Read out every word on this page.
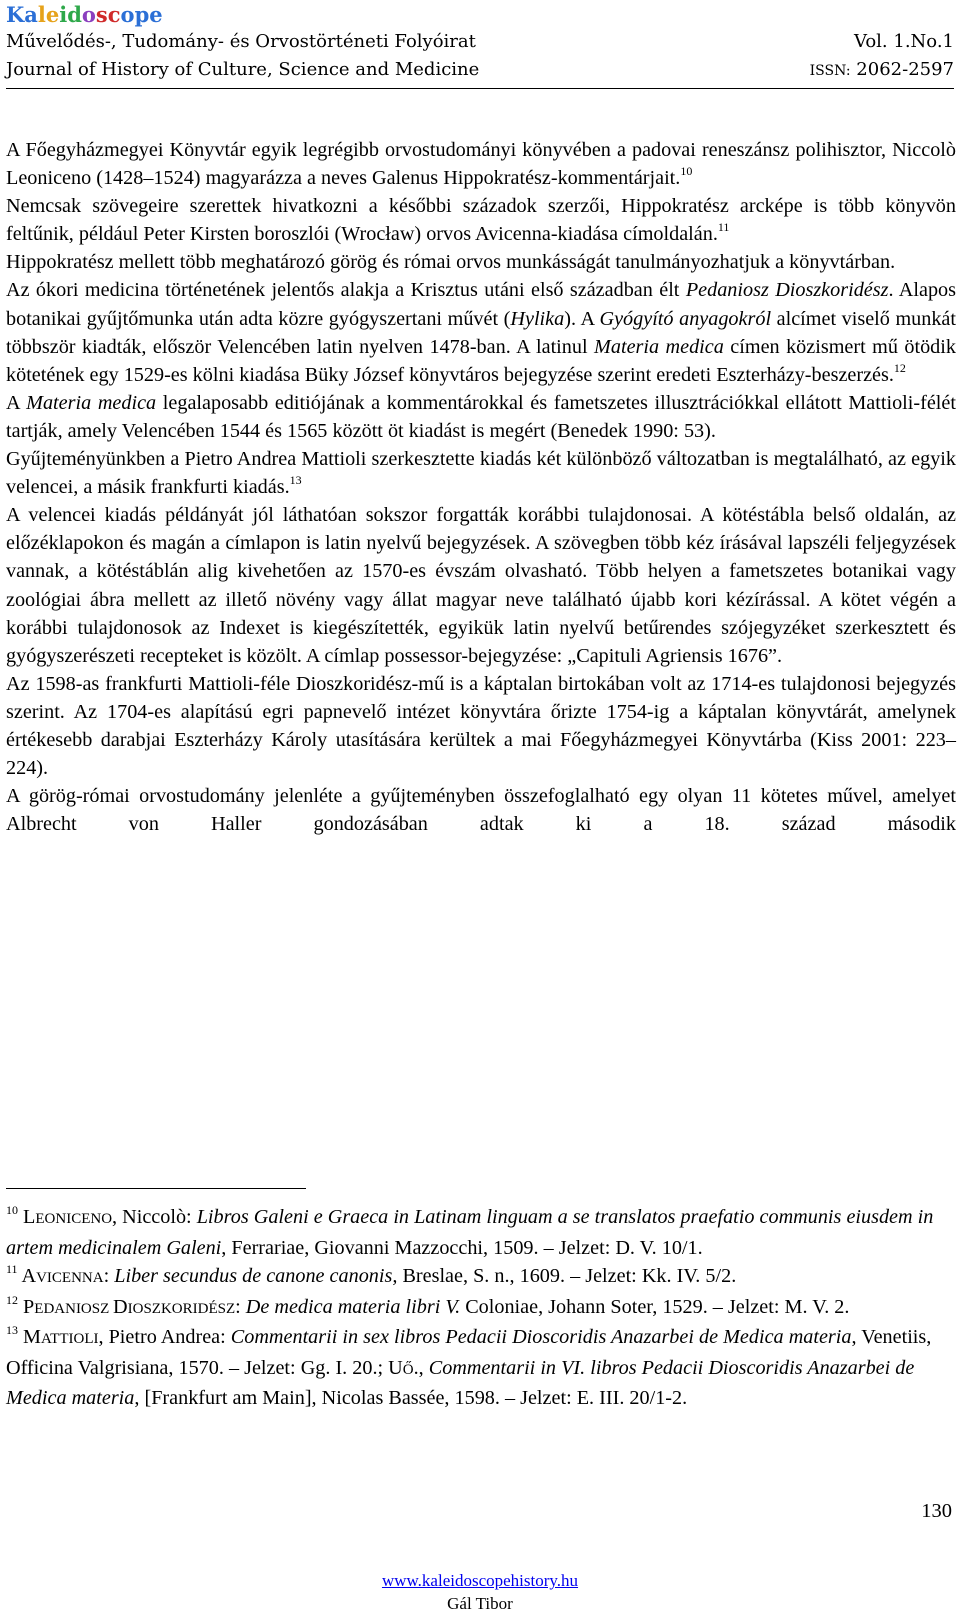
Kaleidoscope
Művelődés-, Tudomány- és Orvostörténeti Folyóirat	Vol. 1.No.1
Journal of History of Culture, Science and Medicine	ISSN: 2062-2597

A Főegyházmegyei Könyvtár egyik legrégibb orvostudományi könyvében a padovai reneszánsz polihisztor, Niccolò Leoniceno (1428–1524) magyarázza a neves Galenus Hippokratész-kommentárjait.$^{10}$

Nemcsak szövegeire szerettek hivatkozni a későbbi századok szerzői, Hippokratész arcképe is több könyvön feltűnik, például Peter Kirsten boroszlói (Wrocław) orvos Avicenna-kiadása címoldalán.$^{11}$

Hippokratész mellett több meghatározó görög és római orvos munkásságát tanulmányozhatjuk a könyvtárban.

Az ókori medicina történetének jelentős alakja a Krisztus utáni első században élt Pedaniosz Dioszkoridész. Alapos botanikai gyűjtőmunka után adta közre gyógyszertani művét (Hylika). A Gyógyító anyagokról alcímet viselő munkát többször kiadták, először Velencében latin nyelven 1478-ban. A latinul Materia medica címen közismert mű ötödik kötetének egy 1529-es kölni kiadása Büky József könyvtáros bejegyzése szerint eredeti Eszterházy-beszerzés.$^{12}$

A Materia medica legalaposabb editiójának a kommentárokkal és fametszetes illusztrációkkal ellátott Mattioli-félét tartják, amely Velencében 1544 és 1565 között öt kiadást is megért (Benedek 1990: 53).

Gyűjteményünkben a Pietro Andrea Mattioli szerkesztette kiadás két különböző változatban is megtalálható, az egyik velencei, a másik frankfurti kiadás.$^{13}$

A velencei kiadás példányát jól láthatóan sokszor forgatták korábbi tulajdonosai. A kötéstábla belső oldalán, az előzéklapokon és magán a címlapon is latin nyelvű bejegyzések. A szövegben több kéz írásával lapszéli feljegyzések vannak, a kötéstáblán alig kivehetően az 1570-es évszám olvasható. Több helyen a fametszetes botanikai vagy zoológiai ábra mellett az illető növény vagy állat magyar neve található újabb kori kézírással. A kötet végén a korábbi tulajdonosok az Indexet is kiegészítették, egyikük latin nyelvű betűrendes szójegyzéket szerkesztett és gyógyszerészeti recepteket is közölt. A címlap possessor-bejegyzése: „Capituli Agriensis 1676”.

Az 1598-as frankfurti Mattioli-féle Dioszkoridész-mű is a káptalan birtokában volt az 1714-es tulajdonosi bejegyzés szerint. Az 1704-es alapítású egri papnevelő intézet könyvtára őrizte 1754-ig a káptalan könyvtárát, amelynek értékesebb darabjai Eszterházy Károly utasítására kerültek a mai Főegyházmegyei Könyvtárba (Kiss 2001: 223–224).

A görög-római orvostudomány jelenléte a gyűjteményben összefoglalható egy olyan 11 kötetes művel, amelyet Albrecht von Haller gondozásában adtak ki a 18. század második

$^{10}$ LEONICENO, Niccolò: Libros Galeni e Graeca in Latinam linguam a se translatos praefatio communis eiusdem in artem medicinalem Galeni, Ferrariae, Giovanni Mazzocchi, 1509. – Jelzet: D. V. 10/1.

$^{11}$ AVICENNA: Liber secundus de canone canonis, Breslae, S. n., 1609. – Jelzet: Kk. IV. 5/2.

$^{12}$ PEDANIOSZ DIOSZKORIDÉSZ: De medica materia libri V. Coloniae, Johann Soter, 1529. – Jelzet: M. V. 2.

$^{13}$ MATTIOLI, Pietro Andrea: Commentarii in sex libros Pedacii Dioscoridis Anazarbei de Medica materia, Venetiis, Officina Valgrisiana, 1570. – Jelzet: Gg. I. 20.; UŐ., Commentarii in VI. libros Pedacii Dioscoridis Anazarbei de Medica materia, [Frankfurt am Main], Nicolas Bassée, 1598. – Jelzet: E. III. 20/1-2.

130
www.kaleidoscopehistory.hu
Gál Tibor
